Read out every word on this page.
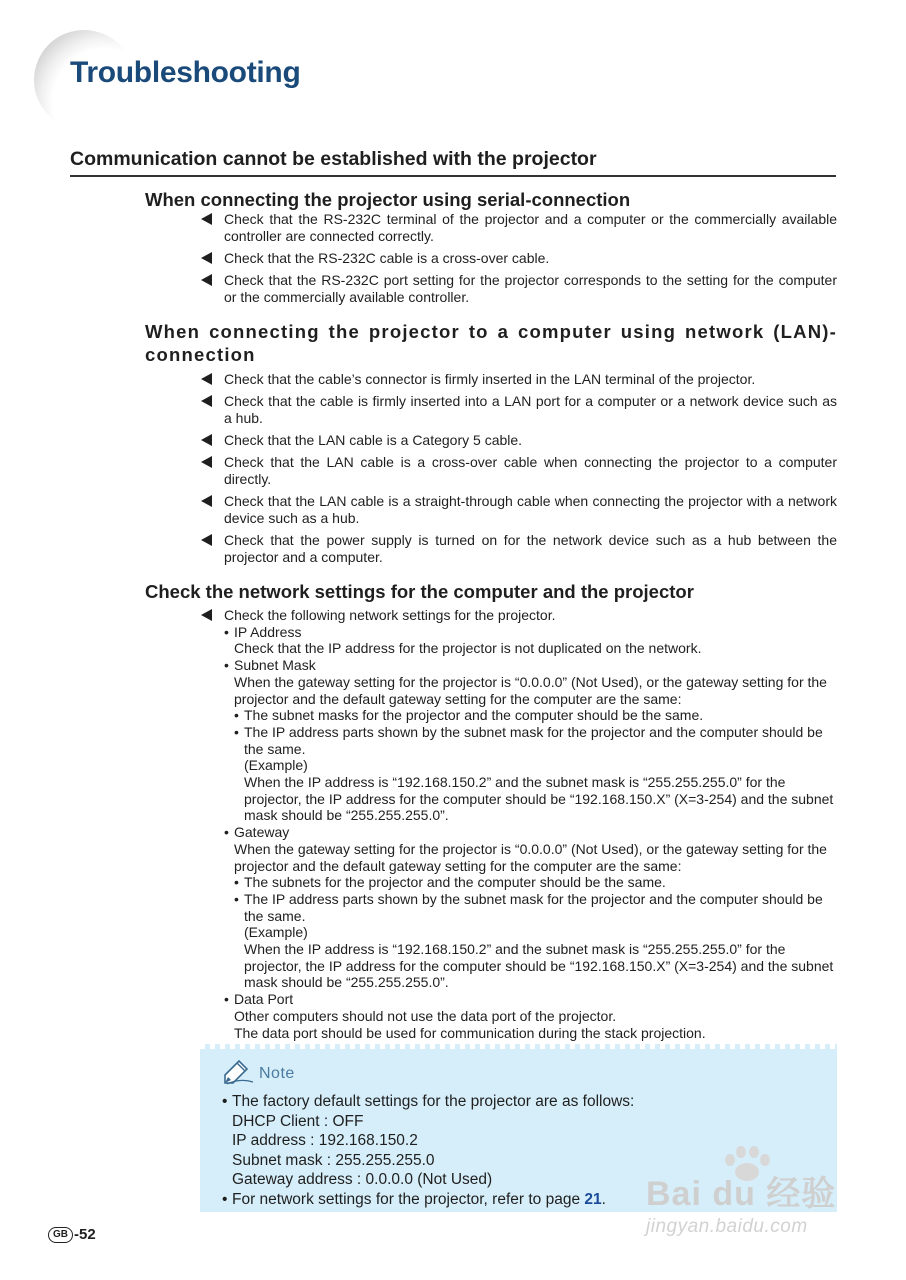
Troubleshooting
Communication cannot be established with the projector
When connecting the projector using serial-connection
Check that the RS-232C terminal of the projector and a computer or the commercially available controller are connected correctly.
Check that the RS-232C cable is a cross-over cable.
Check that the RS-232C port setting for the projector corresponds to the setting for the computer or the commercially available controller.
When connecting the projector to a computer using network (LAN)-connection
Check that the cable’s connector is firmly inserted in the LAN terminal of the projector.
Check that the cable is firmly inserted into a LAN port for a computer or a network device such as a hub.
Check that the LAN cable is a Category 5 cable.
Check that the LAN cable is a cross-over cable when connecting the projector to a computer directly.
Check that the LAN cable is a straight-through cable when connecting the projector with a network device such as a hub.
Check that the power supply is turned on for the network device such as a hub between the projector and a computer.
Check the network settings for the computer and the projector
Check the following network settings for the projector.
• IP Address
Check that the IP address for the projector is not duplicated on the network.
• Subnet Mask
When the gateway setting for the projector is “0.0.0.0” (Not Used), or the gateway setting for the projector and the default gateway setting for the computer are the same:
• The subnet masks for the projector and the computer should be the same.
• The IP address parts shown by the subnet mask for the projector and the computer should be the same.
(Example)
When the IP address is “192.168.150.2” and the subnet mask is “255.255.255.0” for the projector, the IP address for the computer should be “192.168.150.X” (X=3-254) and the subnet mask should be “255.255.255.0”.
• Gateway
When the gateway setting for the projector is “0.0.0.0” (Not Used), or the gateway setting for the projector and the default gateway setting for the computer are the same:
• The subnets for the projector and the computer should be the same.
• The IP address parts shown by the subnet mask for the projector and the computer should be the same.
(Example)
When the IP address is “192.168.150.2” and the subnet mask is “255.255.255.0” for the projector, the IP address for the computer should be “192.168.150.X” (X=3-254) and the subnet mask should be “255.255.255.0”.
• Data Port
Other computers should not use the data port of the projector.
The data port should be used for communication during the stack projection.
Note
• The factory default settings for the projector are as follows:
DHCP Client : OFF
IP address : 192.168.150.2
Subnet mask : 255.255.255.0
Gateway address : 0.0.0.0 (Not Used)
• For network settings for the projector, refer to page 21.
GB -52
Bai du 经验
jingyan.baidu.com
